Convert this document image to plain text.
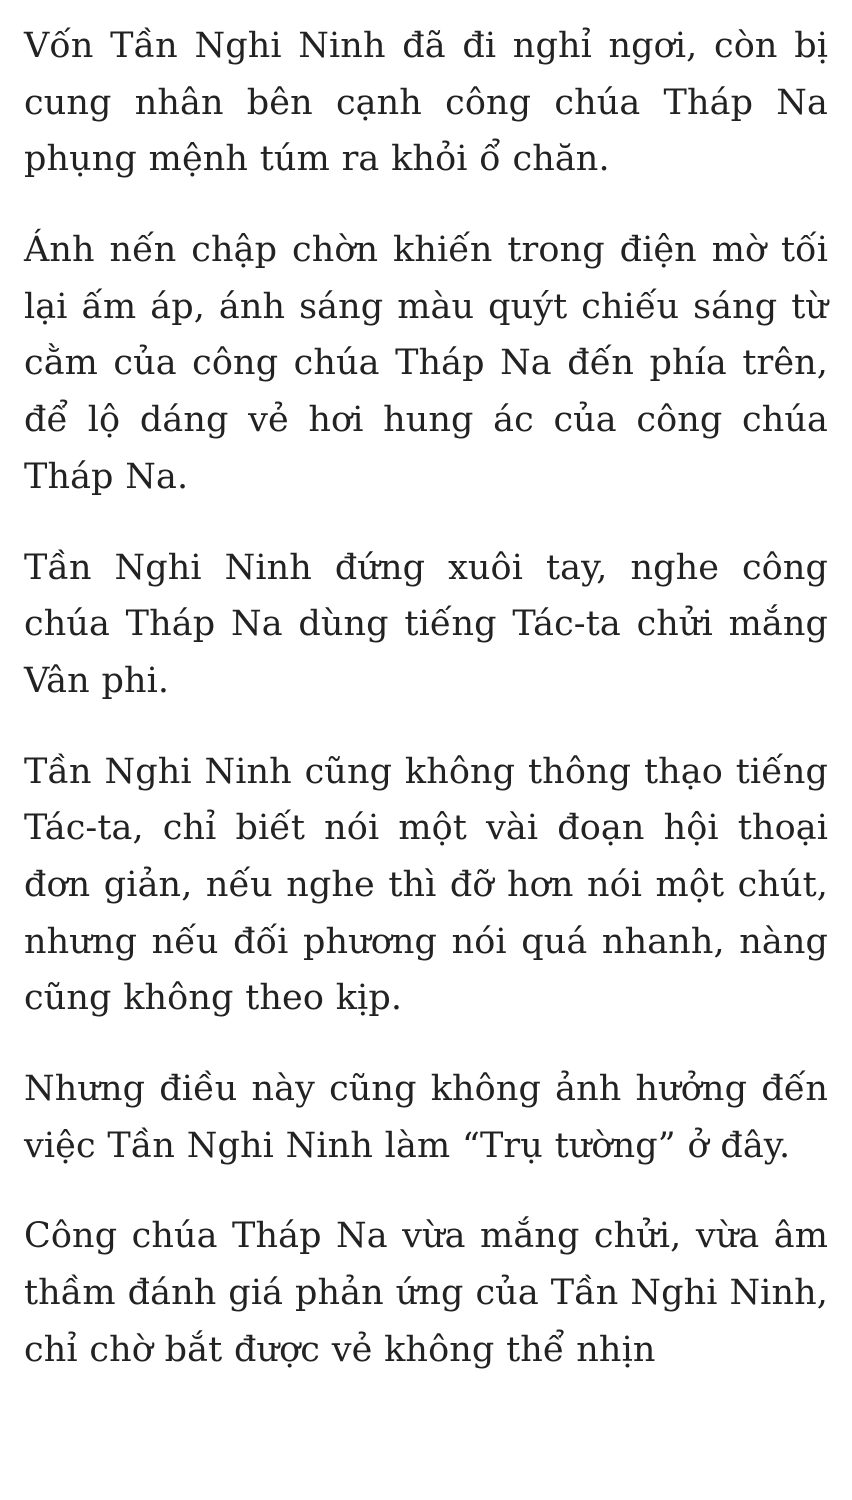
Vốn Tần Nghi Ninh đã đi nghỉ ngơi, còn bị cung nhân bên cạnh công chúa Tháp Na phụng mệnh túm ra khỏi ổ chăn.

Ánh nến chập chờn khiến trong điện mờ tối lại ấm áp, ánh sáng màu quýt chiếu sáng từ cằm của công chúa Tháp Na đến phía trên, để lộ dáng vẻ hơi hung ác của công chúa Tháp Na.

Tần Nghi Ninh đứng xuôi tay, nghe công chúa Tháp Na dùng tiếng Tác-ta chửi mắng Vân phi.

Tần Nghi Ninh cũng không thông thạo tiếng Tác-ta, chỉ biết nói một vài đoạn hội thoại đơn giản, nếu nghe thì đỡ hơn nói một chút, nhưng nếu đối phương nói quá nhanh, nàng cũng không theo kịp.

Nhưng điều này cũng không ảnh hưởng đến việc Tần Nghi Ninh làm “Trụ tường” ở đây.

Công chúa Tháp Na vừa mắng chửi, vừa âm thầm đánh giá phản ứng của Tần Nghi Ninh, chỉ chờ bắt được vẻ không thể nhịn
